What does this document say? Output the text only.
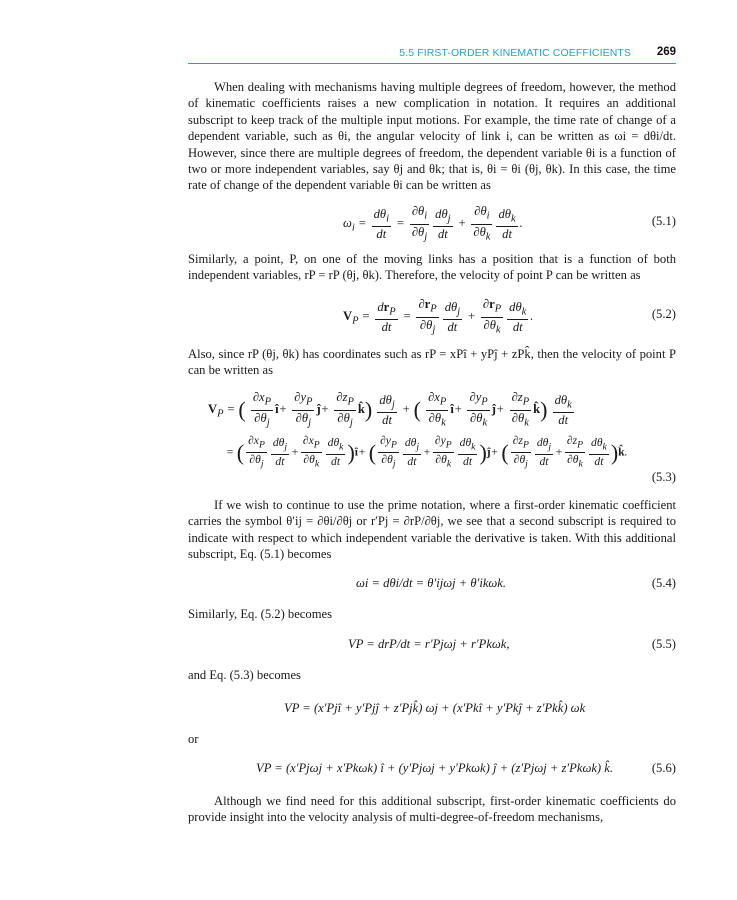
5.5 FIRST-ORDER KINEMATIC COEFFICIENTS 269

When dealing with mechanisms having multiple degrees of freedom, however, the method of kinematic coefficients raises a new complication in notation. It requires an additional subscript to keep track of the multiple input motions. For example, the time rate of change of a dependent variable, such as θi, the angular velocity of link i, can be written as ωi = dθi/dt. However, since there are multiple degrees of freedom, the dependent variable θi is a function of two or more independent variables, say θj and θk; that is, θi = θi (θj, θk). In this case, the time rate of change of the dependent variable θi can be written as

$\omega_i = \frac{d\theta_i}{dt} = \frac{\partial\theta_i}{\partial\theta_j} \frac{d\theta_j}{dt} + \frac{\partial\theta_i}{\partial\theta_k} \frac{d\theta_k}{dt}$ .	(5.1)

Similarly, a point, P, on one of the moving links has a position that is a function of both independent variables, rP = rP (θj, θk). Therefore, the velocity of point P can be written as

$V_P = \frac{dr_P}{dt} = \frac{\partial r_P}{\partial\theta_j} \frac{d\theta_j}{dt} + \frac{\partial r_P}{\partial\theta_k} \frac{d\theta_k}{dt}$ .	(5.2)

Also, since rP (θj, θk) has coordinates such as rP = xPî + yPĵ + zPk̂, then the velocity of point P can be written as

$V_P$ = ( $\frac{\partial x_P}{\partial\theta_j}$ î+ $\frac{\partial y_P}{\partial\theta_j}$ ĵ+ $\frac{\partial z_P}{\partial\theta_j}$ k̂) $\frac{d\theta_j}{dt}$ + ( $\frac{\partial x_P}{\partial\theta_k}$ î+ $\frac{\partial y_P}{\partial\theta_k}$ ĵ+ $\frac{\partial z_P}{\partial\theta_k}$ k̂) $\frac{d\theta_k}{dt}$
= ( $\frac{\partial x_P}{\partial\theta_j} \frac{d\theta_j}{dt} + \frac{\partial x_P}{\partial\theta_k} \frac{d\theta_k}{dt}$ )î+ ( $\frac{\partial y_P}{\partial\theta_j} \frac{d\theta_j}{dt} + \frac{\partial y_P}{\partial\theta_k} \frac{d\theta_k}{dt}$ )ĵ+ ( $\frac{\partial z_P}{\partial\theta_j} \frac{d\theta_j}{dt} + \frac{\partial z_P}{\partial\theta_k} \frac{d\theta_k}{dt}$ )k̂.
(5.3)

If we wish to continue to use the prime notation, where a first-order kinematic coefficient carries the symbol θ′ij = ∂θi/∂θj or r′Pj = ∂rP/∂θj, we see that a second subscript is required to indicate with respect to which independent variable the derivative is taken. With this additional subscript, Eq. (5.1) becomes

ωi = dθi/dt = θ′ijωj + θ′ikωk.	(5.4)

Similarly, Eq. (5.2) becomes

VP = drP/dt = r′Pjωj + r′Pkωk,	(5.5)

and Eq. (5.3) becomes

VP = (x′Pjî + y′Pjĵ + z′Pjk̂) ωj + (x′Pkî + y′Pkĵ + z′Pkk̂) ωk

or

VP = (x′Pjωj + x′Pkωk) î + (y′Pjωj + y′Pkωk) ĵ + (z′Pjωj + z′Pkωk) k̂.	(5.6)

Although we find need for this additional subscript, first-order kinematic coefficients do provide insight into the velocity analysis of multi-degree-of-freedom mechanisms,
